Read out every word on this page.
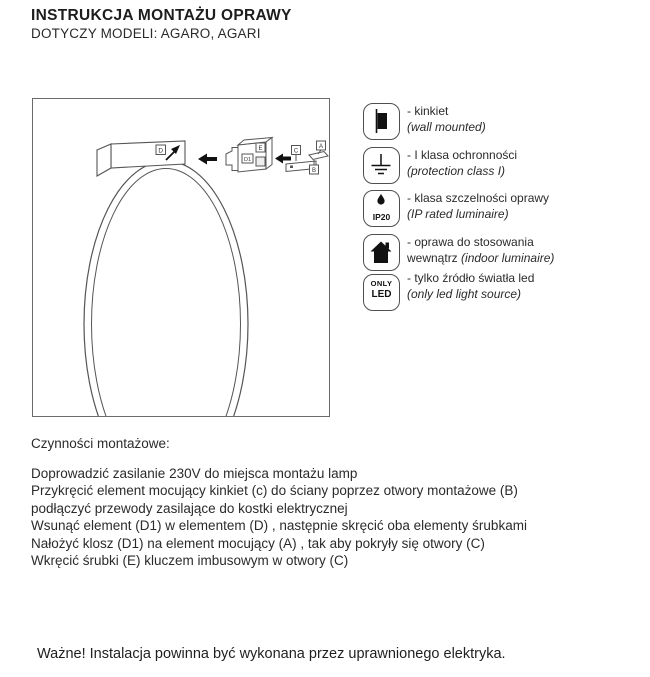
INSTRUKCJA MONTAŻU OPRAWY
DOTYCZY MODELI: AGARO, AGARI
D
D1
E	C
A
B
- kinkiet
(wall mounted)
- I klasa ochronności
(protection class I)
IP20
- klasa szczelności oprawy
(IP rated luminaire)
- oprawa do stosowania
wewnątrz (indoor luminaire)
ONLY
LED
- tylko źródło światła led
(only led light source)
Czynności montażowe:
Doprowadzić zasilanie 230V do miejsca montażu lamp
Przykręcić element mocujący kinkiet (c) do ściany poprzez otwory montażowe (B)
podłączyć przewody zasilające do kostki elektrycznej
Wsunąć element (D1) w elementem (D) , następnie skręcić oba elementy śrubkami
Nałożyć klosz (D1) na element mocujący (A) , tak aby pokryły się otwory (C)
Wkręcić śrubki (E) kluczem imbusowym w otwory (C)
Ważne! Instalacja powinna być wykonana przez uprawnionego elektryka.
